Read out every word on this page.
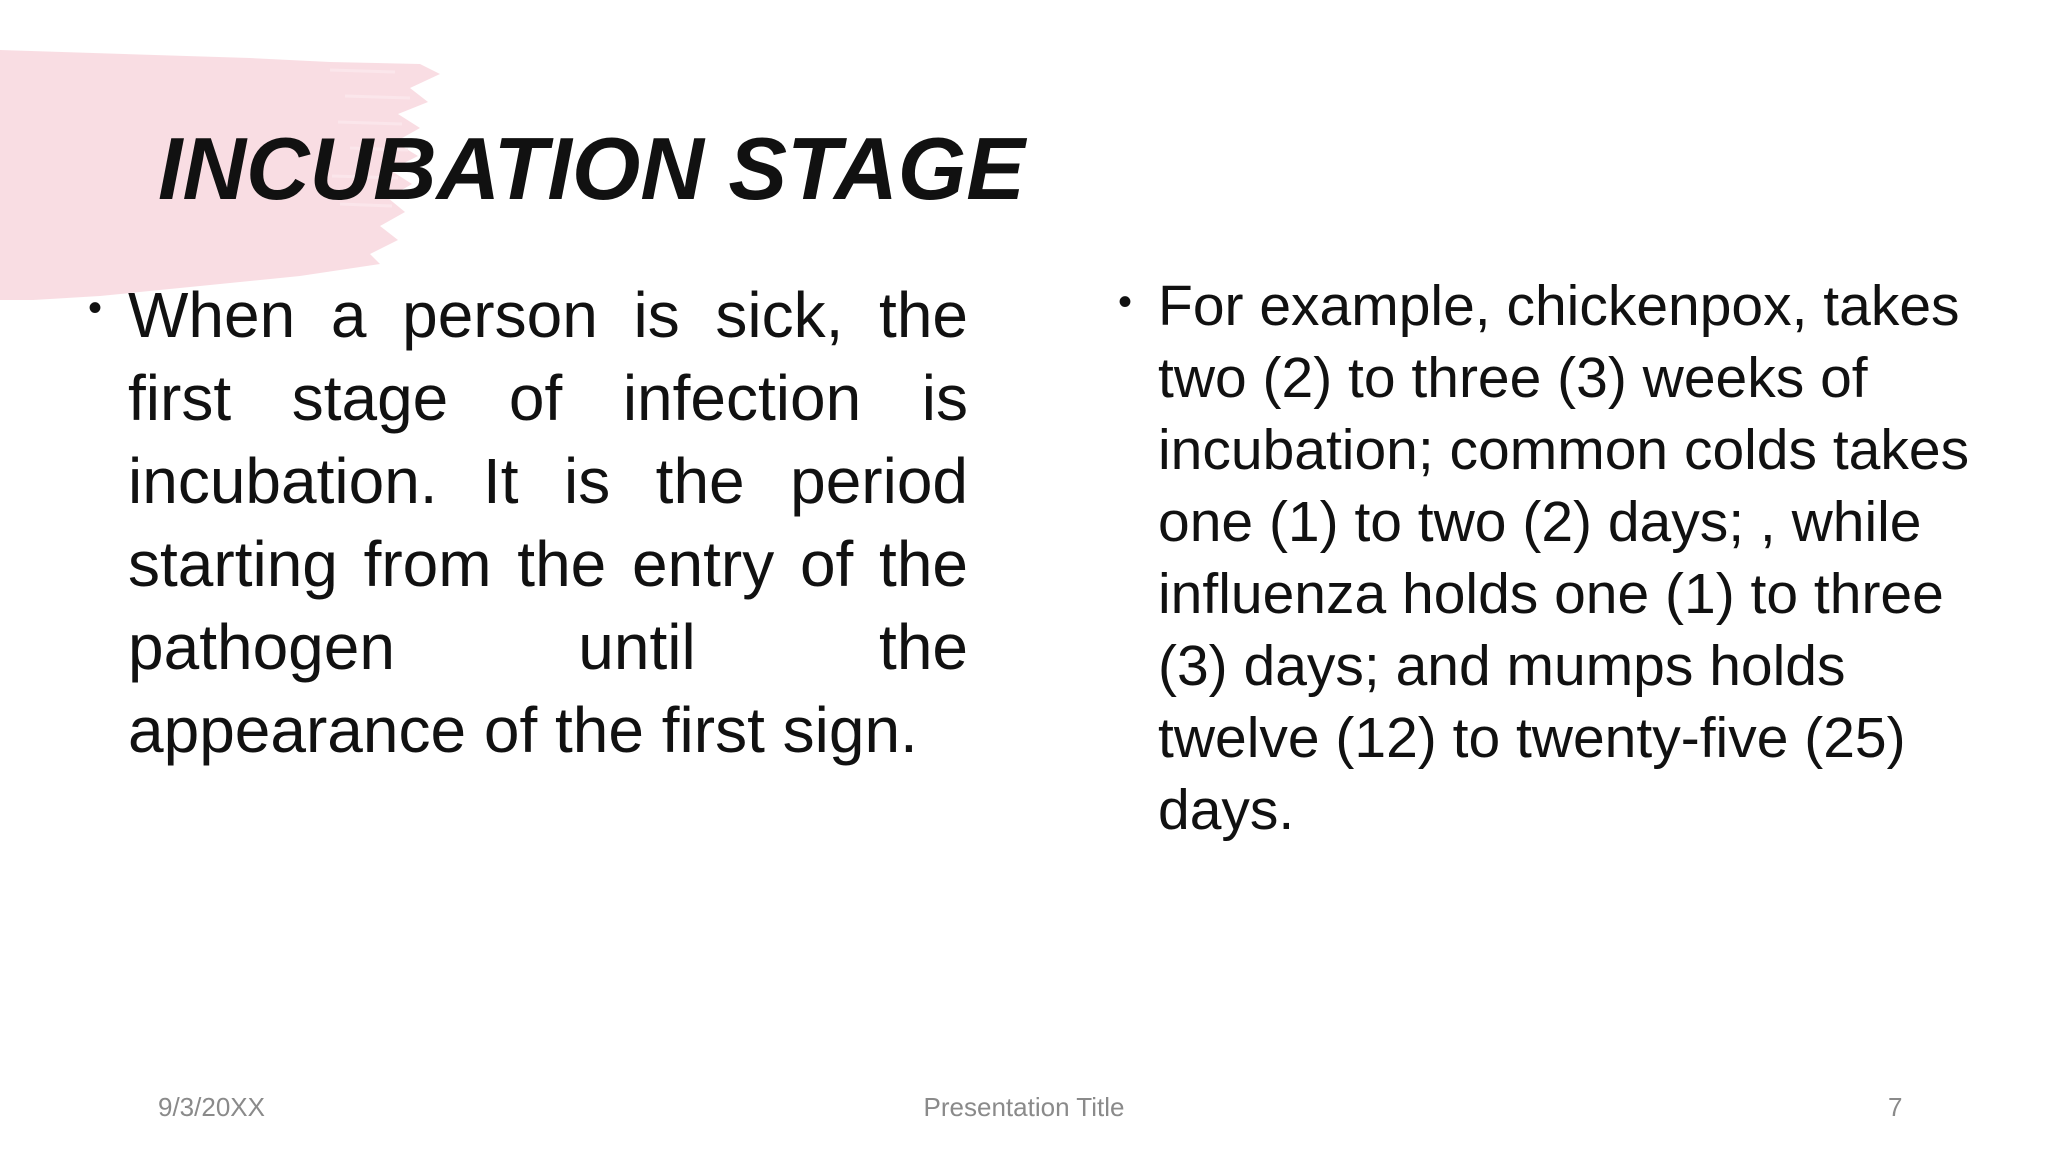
INCUBATION STAGE
• When a person is sick, the first stage of infection is incubation. It is the period starting from the entry of the pathogen until the appearance of the first sign.
• For example, chickenpox, takes two (2) to three (3) weeks of incubation; common colds takes one (1) to two (2) days; , while influenza holds one (1) to three (3) days; and mumps holds twelve (12) to twenty-five (25) days.
9/3/20XX	Presentation Title	7
